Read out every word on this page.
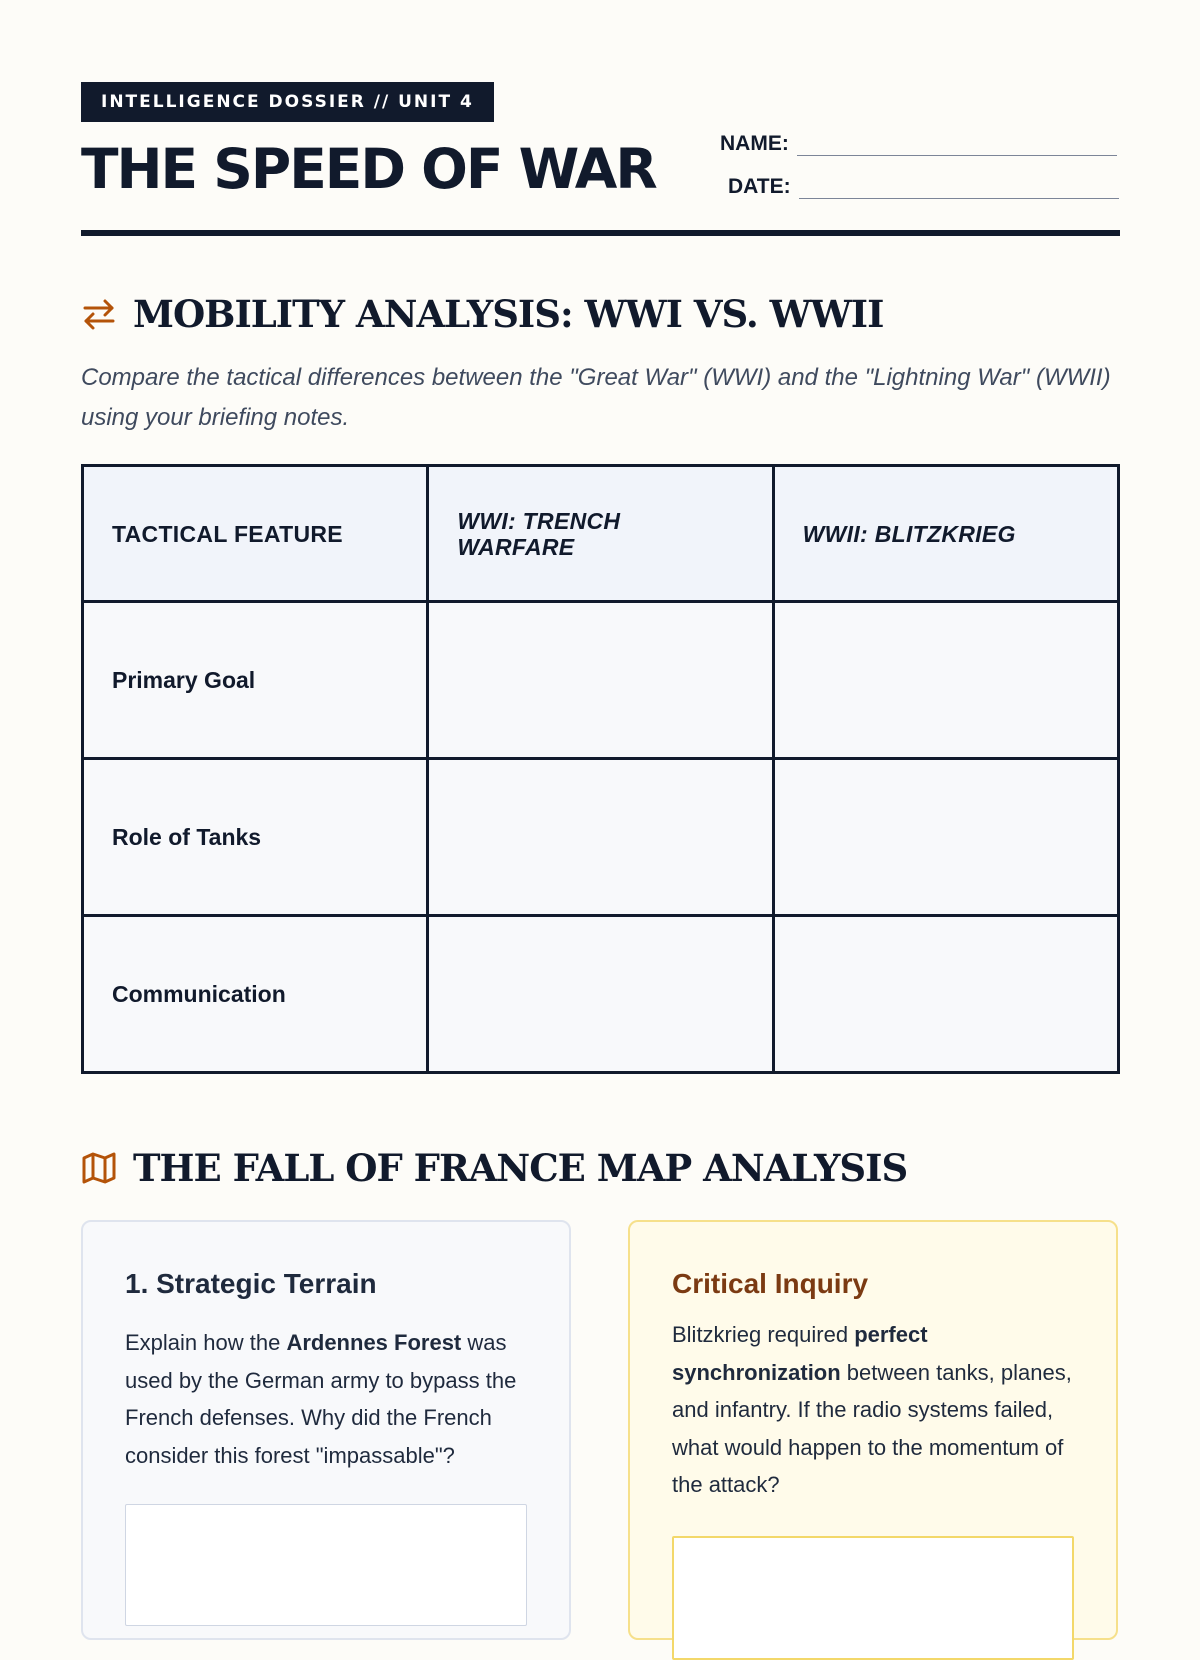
INTELLIGENCE DOSSIER // UNIT 4
THE SPEED OF WAR	NAME:
DATE:
MOBILITY ANALYSIS: WWI VS. WWII

Compare the tactical differences between the "Great War" (WWI) and the "Lightning War" (WWII) using your briefing notes.

TACTICAL FEATURE	WWI: TRENCH WARFARE	WWII: BLITZKRIEG
Primary Goal		
Role of Tanks		
Communication		
THE FALL OF FRANCE MAP ANALYSIS
1. Strategic Terrain

Explain how the Ardennes Forest was used by the German army to bypass the French defenses. Why did the French consider this forest "impassable"?

Critical Inquiry

Blitzkrieg required perfect synchronization between tanks, planes, and infantry. If the radio systems failed, what would happen to the momentum of the attack?
